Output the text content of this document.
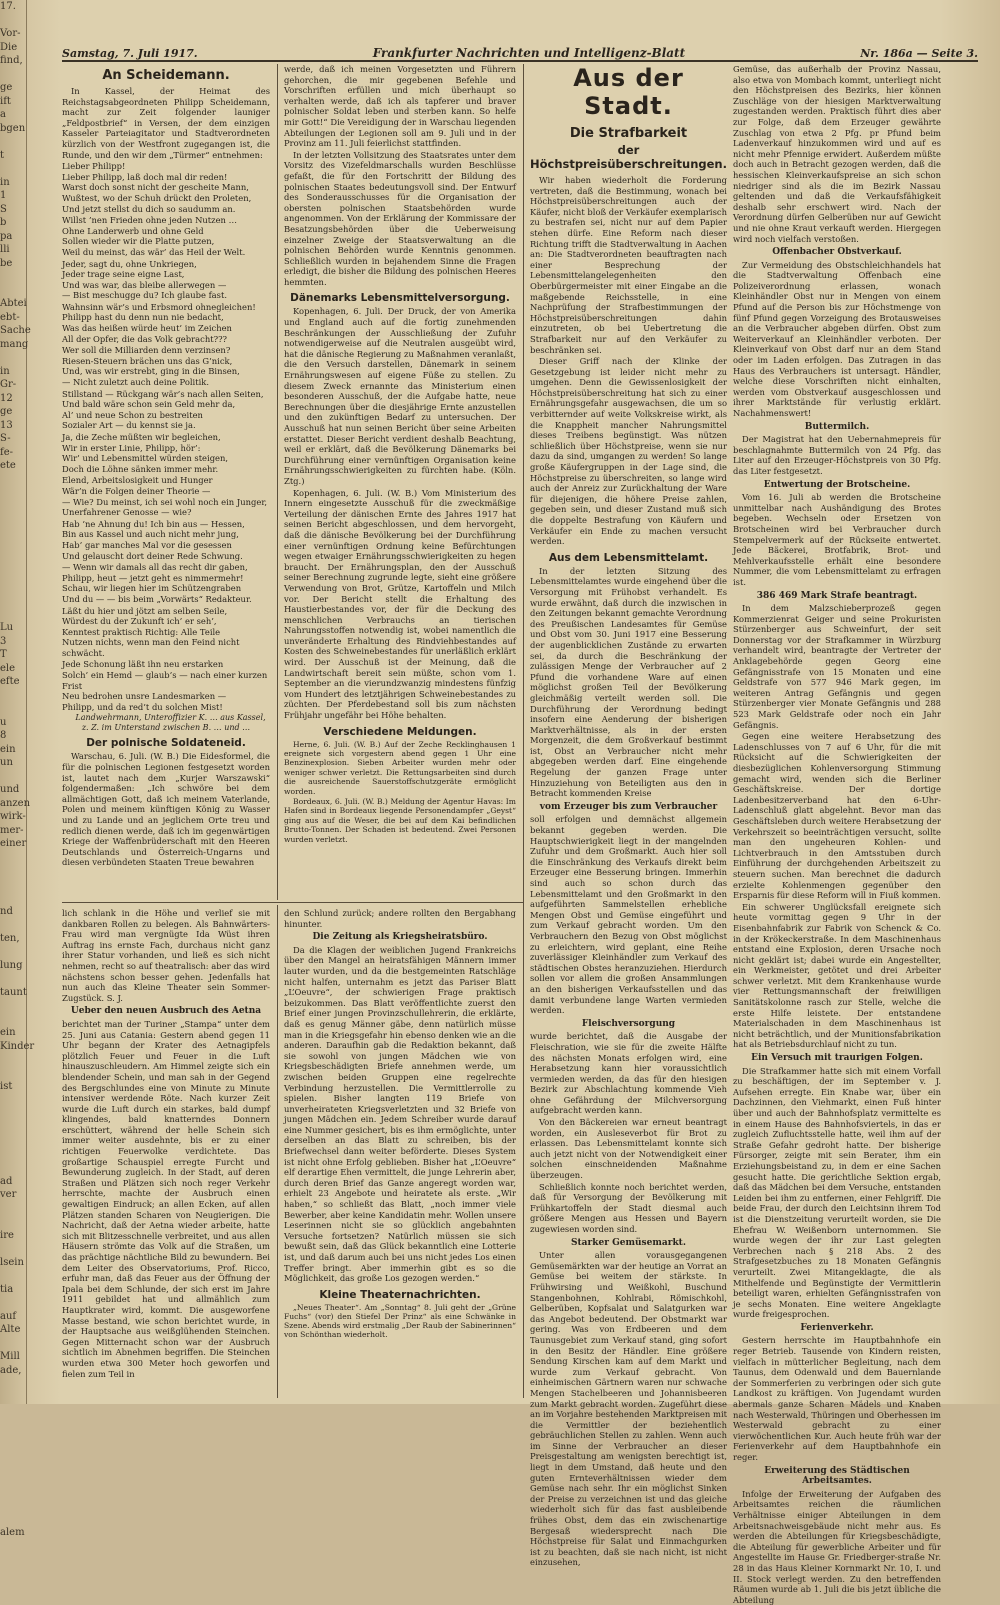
17.

Vor-
Die
find,

ge
ift
a
bgen

t

in
1
S
b
pa
lli
be

Abtei
ebt-
Sache
mang

in
Gr-
12
ge
13
S-
fe-
ete

Lu
3
T
ele
efte

u
8
ein
un

und
anzen
wirk-
mer-
einer

nd

ten,

lung

taunt

ein
Kinder

ist

ad
ver

ire

lsein

tia

auf
Alte

Mill
ade,

alem
Samstag, 7. Juli 1917.	Frankfurter Nachrichten und Intelligenz-Blatt	Nr. 186a — Seite 3.
An Scheidemann.

In Kassel, der Heimat des Reichstagsabgeordneten Philipp Scheidemann, macht zur Zeit folgender launiger „Feldpostbrief“ in Versen, der dem einzigen Kasseler Parteiagitator und Stadtverordneten kürzlich von der Westfront zugegangen ist, die Runde, und den wir dem „Türmer“ entnehmen:

Lieber Philipp!
Lieber Philipp, laß doch mal dir reden!
Warst doch sonst nicht der gescheite Mann,
Wußtest, wo der Schuh drückt den Proleten,
Und jetzt stellst du dich so saudumm an.

Willst ’nen Frieden ohne jeden Nutzen …
Ohne Landerwerb und ohne Geld
Sollen wieder wir die Platte putzen,
Weil du meinst, das wär’ das Heil der Welt.

Jeder, sagt du, ohne Unkriegen,
Jeder trage seine eigne Last,
Und was war, das bleibe allerwegen —
— Bist meschugge du? Ich glaube fast.

Wahnsinn wär’s und Erbsmord ohnegleichen!
Philipp hast du denn nun nie bedacht,
Was das heißen würde heut’ im Zeichen
All der Opfer, die das Volk gebracht???

Wer soll die Milliarden denn verzinsen?
Riesen-Steuern brächen uns das G’nick,
Und, was wir erstrebt, ging in die Binsen,
— Nicht zuletzt auch deine Politik.

Stillstand — Rückgang wär’s nach allen Seiten,
Und bald wäre schon sein Geld mehr da,
Al’ und neue Schon zu bestreiten
Sozialer Art — du kennst sie ja.

Ja, die Zeche müßten wir begleichen,
Wir in erster Linie, Philipp, hör’:
Wir’ und Lebensmittel würden steigen,
Doch die Löhne sänken immer mehr.

Elend, Arbeitslosigkeit und Hunger
Wär’n die Folgen deiner Theorie —
— Wie? Du meinst, ich sei wohl noch ein Junger,
Unerfahrener Genosse — wie?

Hab ’ne Ahnung du! Ich bin aus — Hessen,
Bin aus Kassel und auch nicht mehr jung,
Hab’ gar manches Mal vor die gesessen
Und gelauscht dort deiner Rede Schwung.

— Wenn wir damals all das recht dir gaben,
Philipp, heut — jetzt geht es nimmermehr!
Schau, wir liegen hier im Schützengraben
Und du — — bis beim „Vorwärts“ Redakteur.

Läßt du hier und jötzt am selben Seile,
Würdest du der Zukunft ich’ er seh’,
Kenntest praktisch Richtig: Alle Teile
Nutzen nichts, wenn man den Feind nicht schwächt.

Jede Schonung läßt ihn neu erstarken
Solch’ ein Hemd — glaub’s — nach einer kurzen Frist
Neu bedrohen unsre Landesmarken —
Philipp, und da red’t du solchen Mist!

Landwehrmann, Unteroffizier K. … aus Kassel, z. Z. im Unterstand zwischen B. … und …

Der polnische Soldateneid.

Warschau, 6. Juli. (W. B.) Die Eidesformel, die für die polnischen Legionen festgesetzt worden ist, lautet nach dem „Kurjer Warszawski“ folgendermaßen: „Ich schwöre bei dem allmächtigen Gott, daß ich meinem Vaterlande, Polen und meinem künftigen König zu Wasser und zu Lande und an jeglichem Orte treu und redlich dienen werde, daß ich im gegenwärtigen Kriege der Waffenbrüderschaft mit den Heeren Deutschlands und Österreich-Ungarns und diesen verbündeten Staaten Treue bewahren

werde, daß ich meinen Vorgesetzten und Führern gehorchen, die mir gegebenen Befehle und Vorschriften erfüllen und mich überhaupt so verhalten werde, daß ich als tapferer und braver polnischer Soldat leben und sterben kann. So helfe mir Gott!“ Die Vereidigung der in Warschau liegenden Abteilungen der Legionen soll am 9. Juli und in der Provinz am 11. Juli feierlichst stattfinden.

In der letzten Vollsitzung des Staatsrates unter dem Vorsitz des Vizefeldmarschalls wurden Beschlüsse gefaßt, die für den Fortschritt der Bildung des polnischen Staates bedeutungsvoll sind. Der Entwurf des Sonderausschusses für die Organisation der obersten polnischen Staatsbehörden wurde angenommen. Von der Erklärung der Kommissare der Besatzungsbehörden über die Ueberweisung einzelner Zweige der Staatsverwaltung an die polnischen Behörden wurde Kenntnis genommen. Schließlich wurden in bejahendem Sinne die Fragen erledigt, die bisher die Bildung des polnischen Heeres hemmten.

Dänemarks Lebensmittelversorgung.

Kopenhagen, 6. Juli. Der Druck, der von Amerika und England auch auf die fortig zunehmenden Beschränkungen der Ausschließung der Zufuhr notwendigerweise auf die Neutralen ausgeübt wird, hat die dänische Regierung zu Maßnahmen veranlaßt, die den Versuch darstellen, Dänemark in seinem Ernährungswesen auf eigene Füße zu stellen. Zu diesem Zweck ernannte das Ministerium einen besonderen Ausschuß, der die Aufgabe hatte, neue Berechnungen über die diesjährige Ernte anzustellen und den zukünftigen Bedarf zu untersuchen. Der Ausschuß hat nun seinen Bericht über seine Arbeiten erstattet. Dieser Bericht verdient deshalb Beachtung, weil er erklärt, daß die Bevölkerung Dänemarks bei Durchführung einer vernünftigen Organisation keine Ernährungsschwierigkeiten zu fürchten habe. (Köln. Ztg.)

Kopenhagen, 6. Juli. (W. B.) Vom Ministerium des Innern eingesetzte Ausschuß für die zweckmäßige Verteilung der dänischen Ernte des Jahres 1917 hat seinen Bericht abgeschlossen, und dem hervorgeht, daß die dänische Bevölkerung bei der Durchführung einer vernünftigen Ordnung keine Befürchtungen wegen etwaiger Ernährungsschwierigkeiten zu hegen braucht. Der Ernährungsplan, den der Ausschuß seiner Berechnung zugrunde legte, sieht eine größere Verwendung von Brot, Grütze, Kartoffeln und Milch vor. Der Bericht stellt die Erhaltung des Haustierbestandes vor, der für die Deckung des menschlichen Verbrauchs an tierischen Nahrungsstoffen notwendig ist, wobei namentlich die unveränderte Erhaltung des Rindviehbestandes auf Kosten des Schweinebestandes für unerläßlich erklärt wird. Der Ausschuß ist der Meinung, daß die Landwirtschaft bereit sein müßte, schon vom 1. September an die vierundzwanzig mindestens fünfzig vom Hundert des letztjährigen Schweinebestandes zu züchten. Der Pferdebestand soll bis zum nächsten Frühjahr ungefähr bei Höhe behalten.

Verschiedene Meldungen.

Herne, 6. Juli. (W. B.) Auf der Zeche Recklinghausen 1 ereignete sich vorgestern abend gegen 1 Uhr eine Benzinexplosion. Sieben Arbeiter wurden mehr oder weniger schwer verletzt. Die Rettungsarbeiten sind durch die ausreichende Sauerstoffschutzgeräte ermöglicht worden.

Bordeaux, 6. Juli. (W. B.) Meldung der Agentur Havas: Im Hafen sind in Bordeaux liegende Personendampfer „Geyst“ ging aus auf die Weser, die bei auf dem Kai befindlichen Brutto-Tonnen. Der Schaden ist bedeutend. Zwei Personen wurden verletzt.

Aus der Stadt.
Die Strafbarkeit
der Höchstpreisüberschreitungen.

Wir haben wiederholt die Forderung vertreten, daß die Bestimmung, wonach bei Höchstpreisüberschreitungen auch der Käufer, nicht bloß der Verkäufer exemplarisch zu bestrafen sei, nicht nur auf dem Papier stehen dürfe. Eine Reform nach dieser Richtung trifft die Stadtverwaltung in Aachen an: Die Stadtverordneten beauftragten nach einer Besprechung der Lebensmittelangelegenheiten den Oberbürgermeister mit einer Eingabe an die maßgebende Reichsstelle, in eine Nachprüfung der Strafbestimmungen der Höchstpreisüberschreitungen dahin einzutreten, ob bei Uebertretung die Strafbarkeit nur auf den Verkäufer zu beschränken sei.

Dieser Griff nach der Klinke der Gesetzgebung ist leider nicht mehr zu umgehen. Denn die Gewissenlosigkeit der Höchstpreisüberschreitung hat sich zu einer Ernährungsgefahr ausgewachsen, die um so verbitternder auf weite Volkskreise wirkt, als die Knappheit mancher Nahrungsmittel dieses Treibens begünstigt. Was nützen schließlich über Höchstpreise, wenn sie nur dazu da sind, umgangen zu werden! So lange große Käufergruppen in der Lage sind, die Höchstpreise zu überschreiten, so lange wird auch der Anreiz zur Zurückhaltung der Ware für diejenigen, die höhere Preise zahlen, gegeben sein, und dieser Zustand muß sich die doppelte Bestrafung von Käufern und Verkäufer ein Ende zu machen versucht werden.

Aus dem Lebensmittelamt.

In der letzten Sitzung des Lebensmittelamtes wurde eingehend über die Versorgung mit Frühobst verhandelt. Es wurde erwähnt, daß durch die inzwischen in den Zeitungen bekannt gemachte Verordnung des Preußischen Landesamtes für Gemüse und Obst vom 30. Juni 1917 eine Besserung der augenblicklichen Zustände zu erwarten sei, da durch die Beschränkung der zulässigen Menge der Verbraucher auf 2 Pfund die vorhandene Ware auf einen möglichst großen Teil der Bevölkerung gleichmäßig verteilt werden soll. Die Durchführung der Verordnung bedingt insofern eine Aenderung der bisherigen Marktverhältnisse, als in der ersten Morgenzeit, die dem Großverkauf bestimmt ist, Obst an Verbraucher nicht mehr abgegeben werden darf. Eine eingehende Regelung der ganzen Frage unter Hinzuziehung von Beteiligten aus den in Betracht kommenden Kreise

vom Erzeuger bis zum Verbraucher

soll erfolgen und demnächst allgemein bekannt gegeben werden. Die Hauptschwierigkeit liegt in der mangelnden Zufuhr und dem Großmarkt. Auch hier soll die Einschränkung des Verkaufs direkt beim Erzeuger eine Besserung bringen. Immerhin sind auch so schon durch das Lebensmittelamt und den Großmarkt in den aufgeführten Sammelstellen erhebliche Mengen Obst und Gemüse eingeführt und zum Verkauf gebracht worden. Um den Verbrauchern den Bezug von Obst möglichst zu erleichtern, wird geplant, eine Reihe zuverlässiger Kleinhändler zum Verkauf des städtischen Obstes heranzuziehen. Hierdurch sollen vor allem die großen Ansammlungen an den bisherigen Verkaufsstellen und das damit verbundene lange Warten vermieden werden.

Fleischversorgung

wurde berichtet, daß die Ausgabe der Fleischration, wie sie für die zweite Hälfte des nächsten Monats erfolgen wird, eine Herabsetzung kann hier voraussichtlich vermieden werden, da das für den hiesigen Bezirk zur Abschlachtung kommende Vieh ohne Gefährdung der Milchversorgung aufgebracht werden kann.

Von den Bäckereien war erneut beantragt worden, ein Ausleseverbot für Brot zu erlassen. Das Lebensmittelamt konnte sich auch jetzt nicht von der Notwendigkeit einer solchen einschneidenden Maßnahme überzeugen.

Schließlich konnte noch berichtet werden, daß für Versorgung der Bevölkerung mit Frühkartoffeln der Stadt diesmal auch größere Mengen aus Hessen und Bayern zugewiesen worden sind.

Starker Gemüsemarkt.

Unter allen vorausgegangenen Gemüsemärkten war der heutige an Vorrat an Gemüse bei weitem der stärkste. In Frühwirsing und Weißkohl, Buschund Stangenbohnen, Kohlrabi, Römischkohl, Gelberüben, Kopfsalat und Salatgurken war das Angebot bedeutend. Der Obstmarkt war gering. Was von Erdbeeren und dem Taunusgebiet zum Verkauf stand, ging sofort in den Besitz der Händler. Eine größere Sendung Kirschen kam auf dem Markt und wurde zum Verkauf gebracht. Von einheimischen Gärtnern waren nur schwache Mengen Stachelbeeren und Johannisbeeren zum Markt gebracht worden. Zugeführt diese an im Vorjahre bestehenden Marktpreisen mit die Vermittler der beziehentlich gebräuchlichen Stellen zu zahlen. Wenn auch im Sinne der Verbraucher an dieser Preisgestaltung am wenigsten berechtigt ist, liegt in dem Umstand, daß heute und den guten Ernteverhältnissen wieder dem Gemüse nach sehr. Ihr ein möglichst Sinken der Preise zu verzeichnen ist und das gleiche wiederholt sich für das fast ausbleibende frühes Obst, dem das ein zwischenartige Bergesaß wiedersprecht nach Die Höchstpreise für Salat und Einmachgurken ist zu beachten, daß sie nach nicht, ist nicht einzusehen,

Gemüse, das außerhalb der Provinz Nassau, also etwa von Mombach kommt, unterliegt nicht den Höchstpreisen des Bezirks, hier können Zuschläge von der hiesigen Marktverwaltung zugestanden werden. Praktisch führt dies aber zur Folge, daß dem Erzeuger gewährte Zuschlag von etwa 2 Pfg. pr Pfund beim Ladenverkauf hinzukommen wird und auf es nicht mehr Pfennige erwidert. Außerdem müßte doch auch in Betracht gezogen werden, daß die hessischen Kleinverkaufspreise an sich schon niedriger sind als die im Bezirk Nassau geltenden und daß die Verkaufsfähigkeit deshalb sehr erschwert wird. Nach der Verordnung dürfen Gelberüben nur auf Gewicht und nie ohne Kraut verkauft werden. Hiergegen wird noch vielfach verstoßen.

Offenbacher Obstverkauf.

Zur Vermeidung des Obstschleichhandels hat die Stadtverwaltung Offenbach eine Polizeiverordnung erlassen, wonach Kleinhändler Obst nur in Mengen von einem Pfund auf die Person bis zur Höchstmenge von fünf Pfund gegen Vorzeigung des Brotausweises an die Verbraucher abgeben dürfen. Obst zum Weiterverkauf an Kleinhändler verboten. Der Kleinverkauf von Obst darf nur an dem Stand oder im Laden erfolgen. Das Zutragen in das Haus des Verbrauchers ist untersagt. Händler, welche diese Vorschriften nicht einhalten, werden vom Obstverkauf ausgeschlossen und ihrer Marktstände für verlustig erklärt. Nachahmenswert!

Buttermilch.

Der Magistrat hat den Uebernahmepreis für beschlagnahmte Buttermilch von 24 Pfg. das Liter auf den Erzeuger-Höchstpreis von 30 Pfg. das Liter festgesetzt.

Entwertung der Brotscheine.

Vom 16. Juli ab werden die Brotscheine unmittelbar nach Aushändigung des Brotes begeben. Wechseln oder Ersetzen von Brotscheinen wird bei Verbraucher durch Stempelvermerk auf der Rückseite entwertet. Jede Bäckerei, Brotfabrik, Brot- und Mehlverkaufsstelle erhält eine besondere Nummer, die vom Lebensmittelamt zu erfragen ist.

386 469 Mark Strafe beantragt.

In dem Malzschieberprozeß gegen Kommerzienrat Geiger und seine Prokuristen Stürzenberger aus Schweinfurt, der seit Donnerstag vor der Strafkammer in Würzburg verhandelt wird, beantragte der Vertreter der Anklagebehörde gegen Georg eine Gefängnisstrafe von 15 Monaten und eine Geldstrafe von 577 946 Mark gegen, im weiteren Antrag Gefängnis und gegen Stürzenberger vier Monate Gefängnis und 288 523 Mark Geldstrafe oder noch ein Jahr Gefängnis.

Gegen eine weitere Herabsetzung des Ladenschlusses von 7 auf 6 Uhr, für die mit Rücksicht auf die Schwierigkeiten der diesbezüglichen Kohlenversorgung Stimmung gemacht wird, wenden sich die Berliner Geschäftskreise. Der dortige Ladenbesitzerverband hat den 6-Uhr-Ladenschluß glatt abgelehnt. Bevor man das Geschäftsleben durch weitere Herabsetzung der Verkehrszeit so beeinträchtigen versucht, sollte man den ungeheuren Kohlen- und Lichtverbrauch in den Amtsstuben durch Einführung der durchgehenden Arbeitszeit zu steuern suchen. Man berechnet die dadurch erzielte Kohlenmengen gegenüber den Ersparnis für diese Reform will in Fiuß kommen.

Ein schwerer Unglücksfall ereignete sich heute vormittag gegen 9 Uhr in der Eisenbahnfabrik zur Fabrik von Schenck & Co. in der Krökeckerstraße. In dem Maschinenhaus entstand eine Explosion, deren Ursache noch nicht geklärt ist; dabei wurde ein Angestellter, ein Werkmeister, getötet und drei Arbeiter schwer verletzt. Mit dem Krankenhause wurde vier Rettungsmannschaft der freiwilligen Sanitätskolonne rasch zur Stelle, welche die erste Hilfe leistete. Der entstandene Materialschaden in dem Maschinenhaus ist nicht beträchtlich, und der Munitionsfabrikation hat als Betriebsdurchlauf nicht zu tun.

Ein Versuch mit traurigen Folgen.

Die Strafkammer hatte sich mit einem Vorfall zu beschäftigen, der im September v. J. Aufsehen erregte. Ein Knabe war, über ein Dachzinnen, den Viehmarkt, einen Fuß hinter über und auch der Bahnhofsplatz vermittelte es in einem Hause des Bahnhofsviertels, in das er zugleich Zufluchtsstelle hatte, weil ihm auf der Straße Gefahr gedroht hatte. Der bisherige Fürsorger, zeigte mit sein Berater, ihm ein Erziehungsbeistand zu, in dem er eine Sachen gesucht hatte. Die gerichtliche Sektion ergab, daß das Mädchen bei dem Versuche, entstanden Leiden bei ihm zu entfernen, einer Fehlgriff. Die beide Frau, der durch den Leichtsinn ihrem Tod ist die Dienstzeitung verurteilt worden, sie Die Ehefrau W. Weißenborn unternommen. Sie wurde wegen der ihr zur Last gelegten Verbrechen nach § 218 Abs. 2 des Strafgesetzbuches zu 18 Monaten Gefängnis verurteilt. Zwei Mitangeklagte, die als Mithelfende und Begünstigte der Vermittlerin beteiligt waren, erhielten Gefängnisstrafen von je sechs Monaten. Eine weitere Angeklagte wurde freigesprochen.

Ferienverkehr.

Gestern herrschte im Hauptbahnhofe ein reger Betrieb. Tausende von Kindern reisten, vielfach in mütterlicher Begleitung, nach dem Taunus, dem Odenwald und dem Bauernlande der Sommerferien zu verbringen oder sich gute Landkost zu kräftigen. Von Jugendamt wurden abermals ganze Scharen Mädels und Knaben nach Westerwald, Thüringen und Oberhessen im Westerwald gebracht zu einer vierwöchentlichen Kur. Auch heute früh war der Ferienverkehr auf dem Hauptbahnhofe ein reger.

Erweiterung des Städtischen Arbeitsamtes.

Infolge der Erweiterung der Aufgaben des Arbeitsamtes reichen die räumlichen Verhältnisse einiger Abteilungen in dem Arbeitsnachweisgebäude nicht mehr aus. Es werden die Abteilungen für Kriegsbeschädigte, die Abteilung für gewerbliche Arbeiter und für Angestellte im Hause Gr. Friedberger-straße Nr. 28 in das Haus Kleiner Kornmarkt Nr. 10, I. und II. Stock verlegt werden. Zu den betreffenden Räumen wurde ab 1. Juli die bis jetzt übliche die Abteilung

lich schlank in die Höhe und verlief sie mit dankbaren Rollen zu belegen. Als Bahnwärters-Frau wird man vergnügte Ida Wüst ihren Auftrag ins ernste Fach, durchaus nicht ganz ihrer Statur vorhanden, und ließ es sich nicht nehmen, recht so auf theatralisch: aber das wird nächstens schon besser gehen. Jedenfalls hat nun auch das Kleine Theater sein Sommer-Zugstück. S. J.

Ueber den neuen Ausbruch des Aetna

berichtet man der Turiner „Stampa“ unter dem 25. Juni aus Catania: Gestern abend gegen 11 Uhr begann der Krater des Aetnagipfels plötzlich Feuer und Feuer in die Luft hinauszuschleudern. Am Himmel zeigte sich ein blendender Schein, und man sah in der Gegend des Bergschlundes eine von Minute zu Minute intensiver werdende Röte. Nach kurzer Zeit wurde die Luft durch ein starkes, bald dumpf klingendes, bald knatterndes Donnern erschüttert, während der helle Schein sich immer weiter ausdehnte, bis er zu einer richtigen Feuerwolke verdichtete. Das großartige Schauspiel erregte Furcht und Bewunderung zugleich. In der Stadt, auf deren Straßen und Plätzen sich noch reger Verkehr herrschte, machte der Ausbruch einen gewaltigen Eindruck; an allen Ecken, auf allen Plätzen standen Scharen von Neugierigen. Die Nachricht, daß der Aetna wieder arbeite, hatte sich mit Blitzesschnelle verbreitet, und aus allen Häusern strömte das Volk auf die Straßen, um das prächtige nächtliche Bild zu bewundern. Bei dem Leiter des Observatoriums, Prof. Ricco, erfuhr man, daß das Feuer aus der Öffnung der Ipala bei dem Schlunde, der sich erst im Jahre 1911 gebildet hat und allmählich zum Hauptkrater wird, kommt. Die ausgeworfene Masse bestand, wie schon berichtet wurde, in der Hauptsache aus weißglühenden Steinchen. Gegen Mitternacht schon war der Ausbruch sichtlich im Abnehmen begriffen. Die Steinchen wurden etwa 300 Meter hoch geworfen und fielen zum Teil in

den Schlund zurück; andere rollten den Bergabhang hinunter.

Die Zeitung als Kriegsheiratsbüro.

Da die Klagen der weiblichen Jugend Frankreichs über den Mangel an heiratsfähigen Männern immer lauter wurden, und da die bestgemeinten Ratschläge nicht halfen, unternahm es jetzt das Pariser Blatt „L’Oeuvre“, der schwierigen Frage praktisch beizukommen. Das Blatt veröffentlichte zuerst den Brief einer jungen Provinzschullehrerin, die erklärte, daß es genug Männer gäbe, denn natürlich müsse man in die Kriegsgefahr hin ebenso denken wie an die anderen. Daraufhin gab die Redaktion bekannt, daß sie sowohl von jungen Mädchen wie von Kriegsbeschädigten Briefe annehmen werde, um zwischen beiden Gruppen eine regelrechte Verbindung herzustellen. Die Vermittlerrolle zu spielen. Bisher langten 119 Briefe von unverheirateten Kriegsverletzten und 32 Briefe von jungen Mädchen ein. Jedem Schreiber wurde darauf eine Nummer gesichert, bis es ihm ermöglichte, unter derselben an das Blatt zu schreiben, bis der Briefwechsel dann weiter beförderte. Dieses System ist nicht ohne Erfolg geblieben. Bisher hat „L’Oeuvre“ elf derartige Ehen vermittelt, die junge Lehrerin aber, durch deren Brief das Ganze angeregt worden war, erhielt 23 Angebote und heiratete als erste. „Wir haben,“ so schließt das Blatt, „noch immer viele Bewerber, aber keine Kandidatin mehr. Wollen unsere Leserinnen nicht sie so glücklich angebahnten Versuche fortsetzen? Natürlich müssen sie sich bewußt sein, daß das Glück bekanntlich eine Lotterie ist, und daß darum auch bei uns nicht jedes Los einen Treffer bringt. Aber immerhin gibt es so die Möglichkeit, das große Los gezogen werden.“

Kleine Theaternachrichten.

„Neues Theater“. Am „Sonntag“ 8. Juli geht der „Grüne Fuchs“ (vor) den Stiefel Der Prinz“ als eine Schwänke in Szene. Abends wird erstmalig „Der Raub der Sabinerinnen“ von Schönthan wiederholt.
